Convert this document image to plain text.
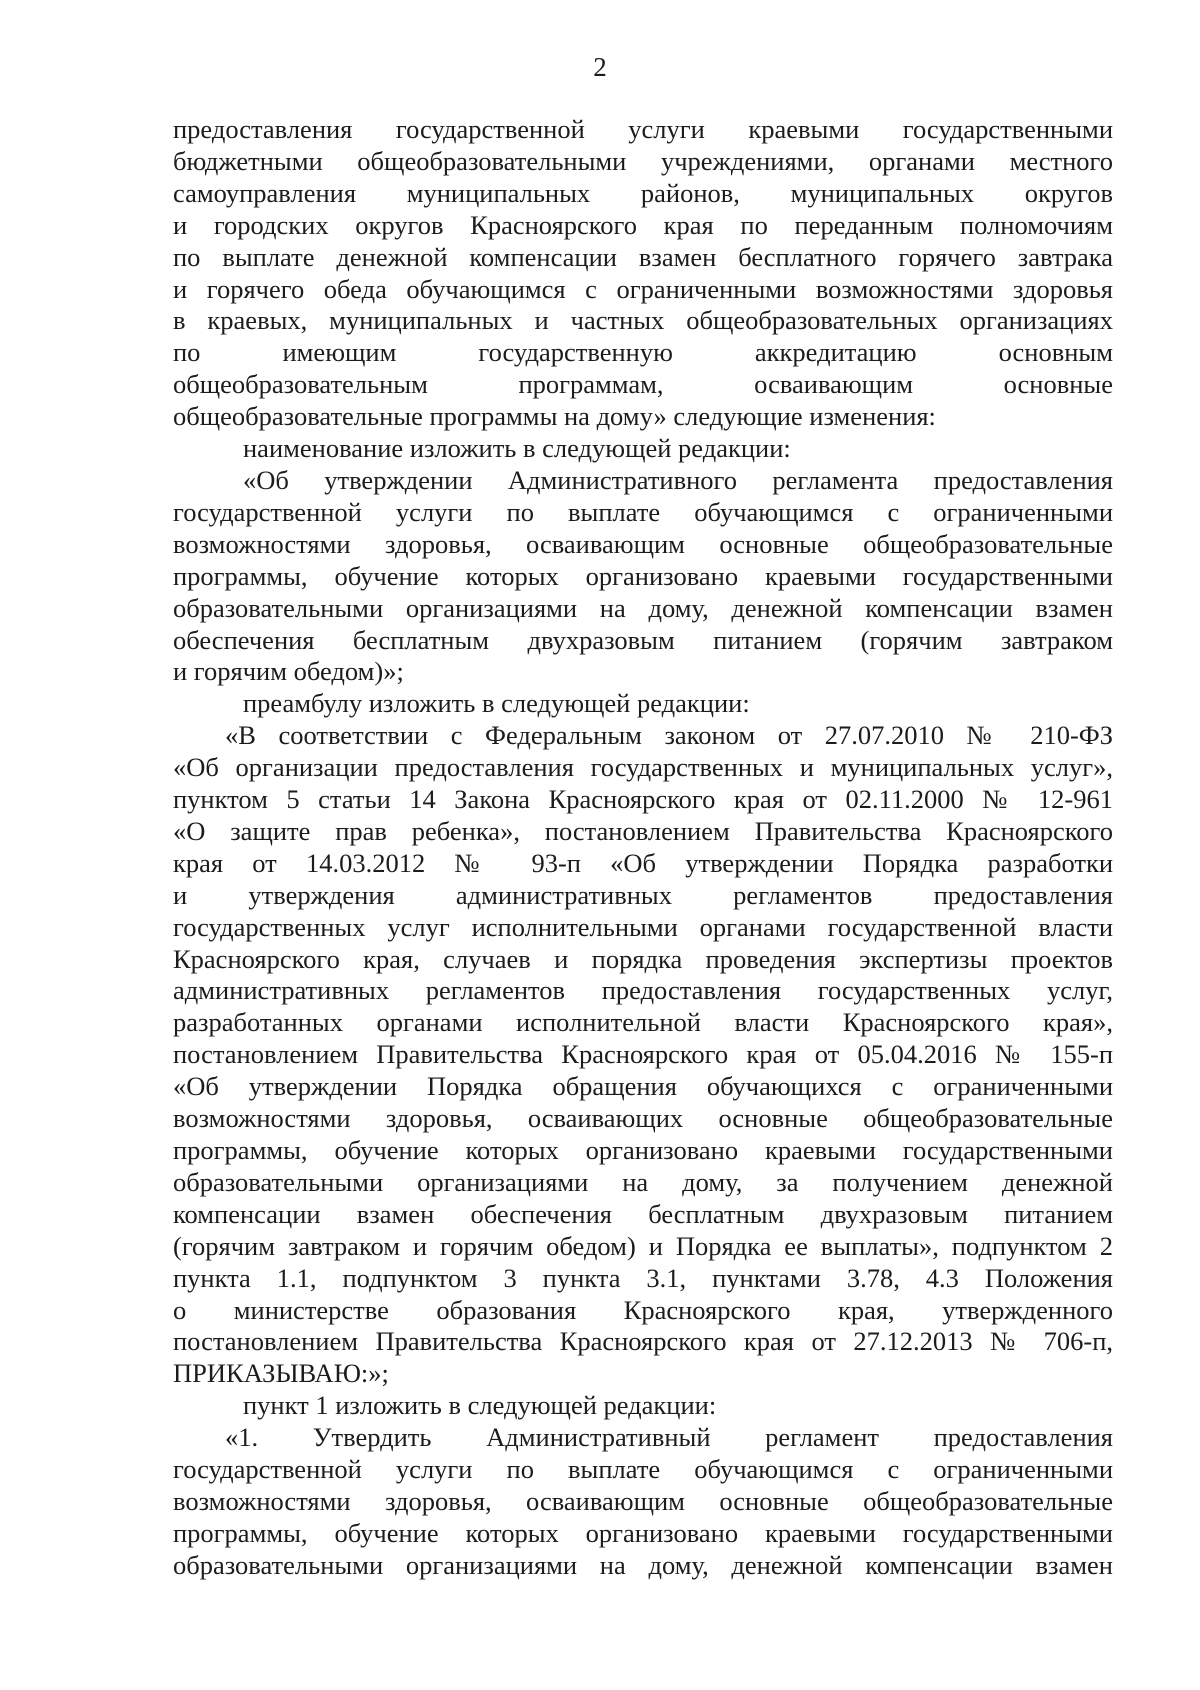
2

предоставления государственной услуги краевыми государственными

бюджетными общеобразовательными учреждениями, органами местного

самоуправления муниципальных районов, муниципальных округов

и городских округов Красноярского края по переданным полномочиям

по выплате денежной компенсации взамен бесплатного горячего завтрака

и горячего обеда обучающимся с ограниченными возможностями здоровья

в краевых, муниципальных и частных общеобразовательных организациях

по имеющим государственную аккредитацию основным

общеобразовательным программам, осваивающим основные

общеобразовательные программы на дому» следующие изменения:

наименование изложить в следующей редакции:

«Об утверждении Административного регламента предоставления

государственной услуги по выплате обучающимся с ограниченными

возможностями здоровья, осваивающим основные общеобразовательные

программы, обучение которых организовано краевыми государственными

образовательными организациями на дому, денежной компенсации взамен

обеспечения бесплатным двухразовым питанием (горячим завтраком

и горячим обедом)»;

преамбулу изложить в следующей редакции:

«В соответствии с Федеральным законом от 27.07.2010 № 210-ФЗ

«Об организации предоставления государственных и муниципальных услуг»,

пунктом 5 статьи 14 Закона Красноярского края от 02.11.2000 № 12-961

«О защите прав ребенка», постановлением Правительства Красноярского

края от 14.03.2012 № 93-п «Об утверждении Порядка разработки

и утверждения административных регламентов предоставления

государственных услуг исполнительными органами государственной власти

Красноярского края, случаев и порядка проведения экспертизы проектов

административных регламентов предоставления государственных услуг,

разработанных органами исполнительной власти Красноярского края»,

постановлением Правительства Красноярского края от 05.04.2016 № 155-п

«Об утверждении Порядка обращения обучающихся с ограниченными

возможностями здоровья, осваивающих основные общеобразовательные

программы, обучение которых организовано краевыми государственными

образовательными организациями на дому, за получением денежной

компенсации взамен обеспечения бесплатным двухразовым питанием

(горячим завтраком и горячим обедом) и Порядка ее выплаты», подпунктом 2

пункта 1.1, подпунктом 3 пункта 3.1, пунктами 3.78, 4.3 Положения

о министерстве образования Красноярского края, утвержденного

постановлением Правительства Красноярского края от 27.12.2013 № 706-п,

ПРИКАЗЫВАЮ:»;

пункт 1 изложить в следующей редакции:

«1. Утвердить Административный регламент предоставления

государственной услуги по выплате обучающимся с ограниченными

возможностями здоровья, осваивающим основные общеобразовательные

программы, обучение которых организовано краевыми государственными

образовательными организациями на дому, денежной компенсации взамен
